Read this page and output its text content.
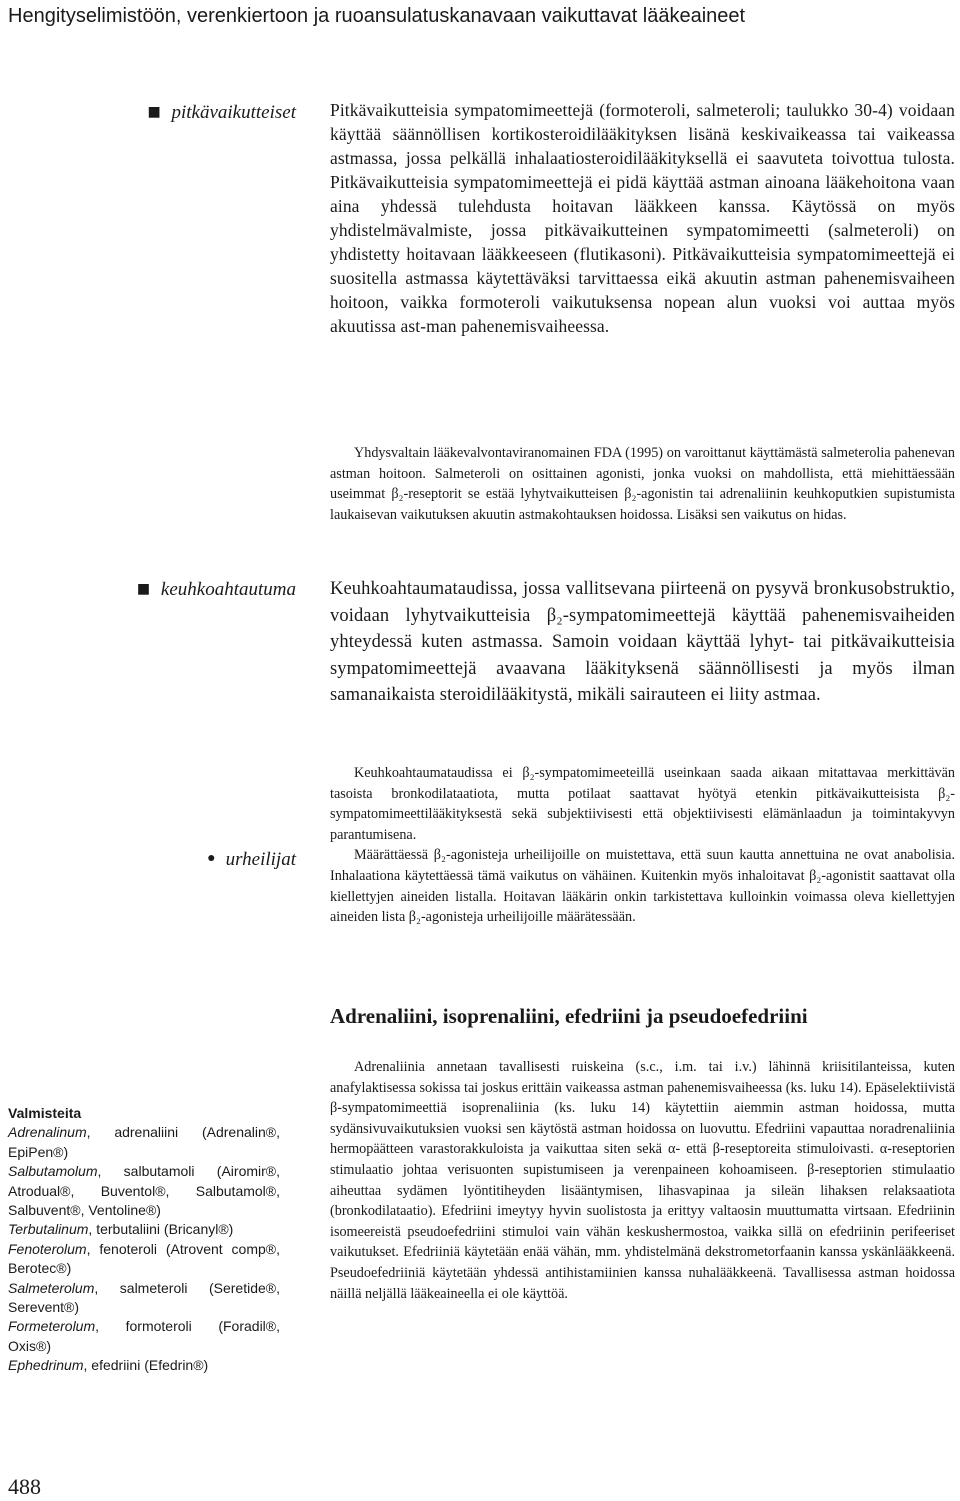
Hengityselimistöön, verenkiertoon ja ruoansulatuskanavaan vaikuttavat lääkeaineet
■ pitkävaikutteiset Pitkävaikutteisia sympatomimeettejä (formoteroli, salmeteroli; taulukko 30-4) voidaan käyttää säännöllisen kortikosteroidilääkityksen lisänä keskivaikeassa tai vaikeassa astmassa, jossa pelkällä inhalaatiosteroidilääkityksellä ei saavuteta toivottua tulosta. Pitkävaikutteisia sympatomimeettejä ei pidä käyttää astman ainoana lääkehoitona vaan aina yhdessä tulehdusta hoitavan lääkkeen kanssa. Käytössä on myös yhdistelmävalmiste, jossa pitkävaikutteinen sympatomimeetti (salmeteroli) on yhdistetty hoitavaan lääkkeeseen (flutikasoni). Pitkävaikutteisia sympatomimeettejä ei suositella astmassa käytettäväksi tarvittaessa eikä akuutin astman pahenemisvaiheen hoitoon, vaikka formoteroli vaikutuksensa nopean alun vuoksi voi auttaa myös akuutissa ast-man pahenemisvaiheessa.

Yhdysvaltain lääkevalvontaviranomainen FDA (1995) on varoittanut käyttämästä salmeterolia pahenevan astman hoitoon. Salmeteroli on osittainen agonisti, jonka vuoksi on mahdollista, että miehittäessään useimmat β₂-reseptorit se estää lyhytvaikutteisen β₂-agonistin tai adrenaliinin keuhkoputkien supistumista laukaisevan vaikutuksen akuutin astmakohtauksen hoidossa. Lisäksi sen vaikutus on hidas.

■ keuhkoahtautuma Keuhkoahtaumataudissa, jossa vallitsevana piirteenä on pysyvä bronkusobstruktio, voidaan lyhytvaikutteisia β₂-sympatomimeettejä käyttää pahenemisvaiheiden yhteydessä kuten astmassa. Samoin voidaan käyttää lyhyt- tai pitkävaikutteisia sympatomimeettejä avaavana lääkityksenä säännöllisesti ja myös ilman samanaikaista steroidilääkitystä, mikäli sairauteen ei liity astmaa.

Keuhkoahtaumataudissa ei β₂-sympatomimeeteillä useinkaan saada aikaan mitattavaa merkittävän tasoista bronkodilataatiota, mutta potilaat saattavat hyötyä etenkin pitkävaikutteisista β₂-sympatomimeettilääkityksestä sekä subjektiivisesti että objektiivisesti elämänlaadun ja toimintakyvyn parantumisena.

Määrättäessä β₂-agonisteja urheilijoille on muistettava, että suun kautta annettuina ne ovat anabolisia. Inhalaationa käytettäessä tämä vaikutus on vähäinen. Kuitenkin myös inhaloitavat β₂-agonistit saattavat olla kiellettyjen aineiden listalla. Hoitavan lääkärin onkin tarkistettava kulloinkin voimassa oleva kiellettyjen aineiden lista β₂-agonisteja urheilijoille määrätessään.

● urheilijat
Adrenaliini, isoprenaliini, efedriini ja pseudoefedriini

Adrenaliinia annetaan tavallisesti ruiskeina (s.c., i.m. tai i.v.) lähinnä kriisitilanteissa, kuten anafylaktisessa sokissa tai joskus erittäin vaikeassa astman pahenemisvaiheessa (ks. luku 14). Epäselektiivistä β-sympatomimeettiä isoprenaliinia (ks. luku 14) käytettiin aiemmin astman hoidossa, mutta sydänsivuvaikutuksien vuoksi sen käytöstä astman hoidossa on luovuttu. Efedriini vapauttaa noradrenaliinia hermopäätteen varastorakkuloista ja vaikuttaa siten sekä α- että β-reseptoreita stimuloivasti. α-reseptorien stimulaatio johtaa verisuonten supistumiseen ja verenpaineen kohoamiseen. β-reseptorien stimulaatio aiheuttaa sydämen lyöntitiheyden lisääntymisen, lihasvapinaa ja sileän lihaksen relaksaatiota (bronkodilataatio). Efedriini imeytyy hyvin suolistosta ja erittyy valtaosin muuttumatta virtsaan. Efedriinin isomeereistä pseudoefedriini stimuloi vain vähän keskushermostoa, vaikka sillä on efedriinin perifeeriset vaikutukset. Efedriiniä käytetään enää vähän, mm. yhdistelmänä dekstrometorfaanin kanssa yskänlääkkeenä. Pseudoefedriiniä käytetään yhdessä antihistamiinien kanssa nuhalääkkeenä. Tavallisessa astman hoidossa näillä neljällä lääkeaineella ei ole käyttöä.

Valmisteita
Adrenalinum, adrenaliini (Adrenalin®, EpiPen®)
Salbutamolum, salbutamoli (Airomir®, Atrodual®, Buventol®, Salbutamol®, Salbuvent®, Ventoline®)
Terbutalinum, terbutaliini (Bricanyl®)
Fenoterolum, fenoteroli (Atrovent comp®, Berotec®)
Salmeterolum, salmeteroli (Seretide®, Serevent®)
Formeterolum, formoteroli (Foradil®, Oxis®)
Ephedrinum, efedriini (Efedrin®)
488
